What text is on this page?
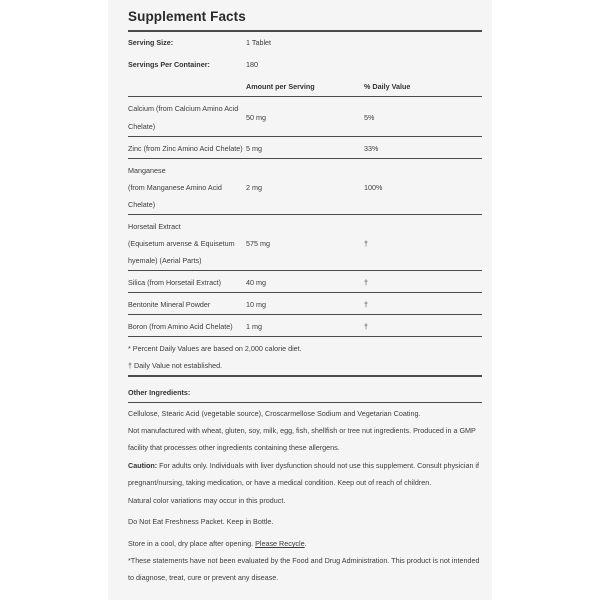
Supplement Facts
Serving Size:	1 Tablet
Servings Per Container:	180
Amount per Serving	% Daily Value
Calcium (from Calcium Amino Acid
Chelate)
50 mg	5%
Zinc (from Zinc Amino Acid Chelate) 5 mg	33%
Manganese
(from Manganese Amino Acid
Chelate)
2 mg	100%
Horsetail Extract
(Equisetum arvense & Equisetum
hyemale) (Aerial Parts)
575 mg	†
Silica (from Horsetail Extract)	40 mg	†
Bentonite Mineral Powder	10 mg	†
Boron (from Amino Acid Chelate) 1 mg	†
* Percent Daily Values are based on 2,000 calorie diet.
† Daily Value not established.
Other Ingredients:
Cellulose, Stearic Acid (vegetable source), Croscarmellose Sodium and Vegetarian Coating.
Not manufactured with wheat, gluten, soy, milk, egg, fish, shellfish or tree nut ingredients. Produced in a GMP facility that processes other ingredients containing these allergens.
Caution: For adults only. Individuals with liver dysfunction should not use this supplement. Consult physician if pregnant/nursing, taking medication, or have a medical condition. Keep out of reach of children.
Natural color variations may occur in this product.
Do Not Eat Freshness Packet. Keep in Bottle.
Store in a cool, dry place after opening. Please Recycle.
*These statements have not been evaluated by the Food and Drug Administration. This product is not intended to diagnose, treat, cure or prevent any disease.
